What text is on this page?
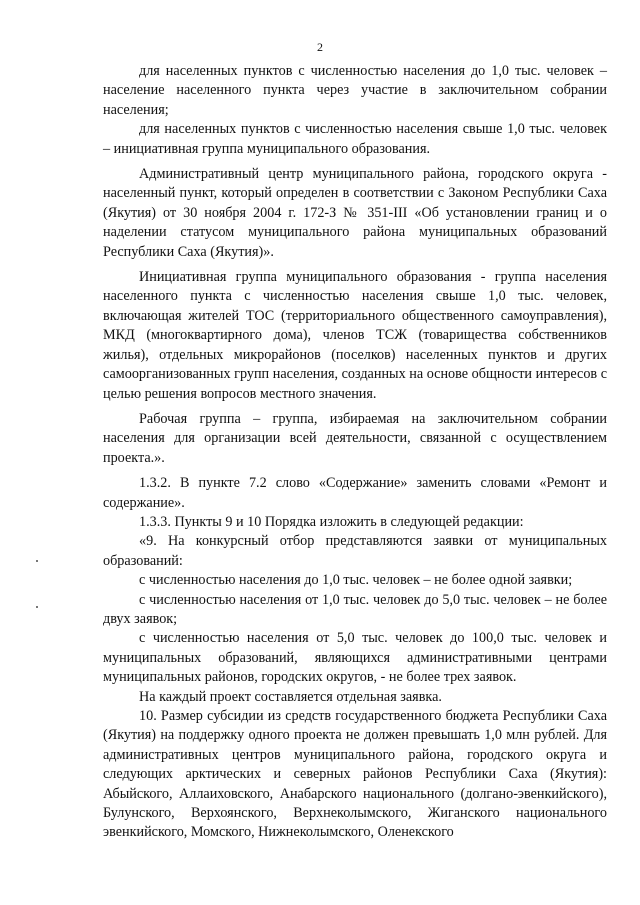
2

для населенных пунктов с численностью населения до 1,0 тыс. человек – население населенного пункта через участие в заключительном собрании населения;

для населенных пунктов с численностью населения свыше 1,0 тыс. человек – инициативная группа муниципального образования.

Административный центр муниципального района, городского округа - населенный пункт, который определен в соответствии с Законом Республики Саха (Якутия) от 30 ноября 2004 г. 172-З № 351-III «Об установлении границ и о наделении статусом муниципального района муниципальных образований Республики Саха (Якутия)».

Инициативная группа муниципального образования - группа населения населенного пункта с численностью населения свыше 1,0 тыс. человек, включающая жителей ТОС (территориального общественного самоуправления), МКД (многоквартирного дома), членов ТСЖ (товарищества собственников жилья), отдельных микрорайонов (поселков) населенных пунктов и других самоорганизованных групп населения, созданных на основе общности интересов с целью решения вопросов местного значения.

Рабочая группа – группа, избираемая на заключительном собрании населения для организации всей деятельности, связанной с осуществлением проекта.».

1.3.2. В пункте 7.2 слово «Содержание» заменить словами «Ремонт и содержание».

1.3.3. Пункты 9 и 10 Порядка изложить в следующей редакции:

«9. На конкурсный отбор представляются заявки от муниципальных образований:

с численностью населения до 1,0 тыс. человек – не более одной заявки;

с численностью населения от 1,0 тыс. человек до 5,0 тыс. человек – не более двух заявок;

с численностью населения от 5,0 тыс. человек до 100,0 тыс. человек и муниципальных образований, являющихся административными центрами муниципальных районов, городских округов, - не более трех заявок.

На каждый проект составляется отдельная заявка.

10. Размер субсидии из средств государственного бюджета Республики Саха (Якутия) на поддержку одного проекта не должен превышать 1,0 млн рублей. Для административных центров муниципального района, городского округа и следующих арктических и северных районов Республики Саха (Якутия): Абыйского, Аллаиховского, Анабарского национального (долгано-эвенкийского), Булунского, Верхоянского, Верхнеколымского, Жиганского национального эвенкийского, Момского, Нижнеколымского, Оленекского
